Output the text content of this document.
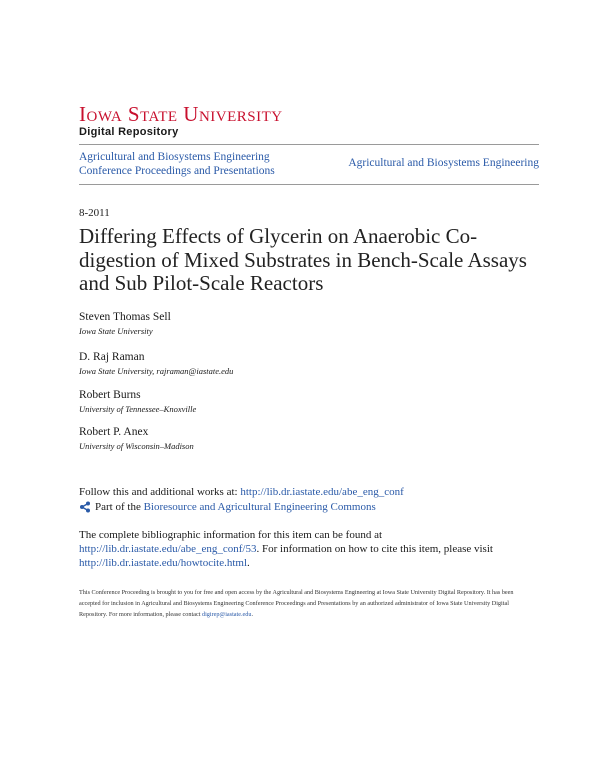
Iowa State University
Digital Repository
Agricultural and Biosystems Engineering Conference Proceedings and Presentations
Agricultural and Biosystems Engineering
8-2011
Differing Effects of Glycerin on Anaerobic Co-digestion of Mixed Substrates in Bench-Scale Assays and Sub Pilot-Scale Reactors
Steven Thomas Sell
Iowa State University
D. Raj Raman
Iowa State University, rajraman@iastate.edu
Robert Burns
University of Tennessee–Knoxville
Robert P. Anex
University of Wisconsin–Madison
Follow this and additional works at: http://lib.dr.iastate.edu/abe_eng_conf
Part of the
Bioresource and Agricultural Engineering Commons
The complete bibliographic information for this item can be found at http://lib.dr.iastate.edu/abe_eng_conf/53. For information on how to cite this item, please visit http://lib.dr.iastate.edu/howtocite.html.
This Conference Proceeding is brought to you for free and open access by the Agricultural and Biosystems Engineering at Iowa State University Digital Repository. It has been accepted for inclusion in Agricultural and Biosystems Engineering Conference Proceedings and Presentations by an authorized administrator of Iowa State University Digital Repository. For more information, please contact digirep@iastate.edu.
